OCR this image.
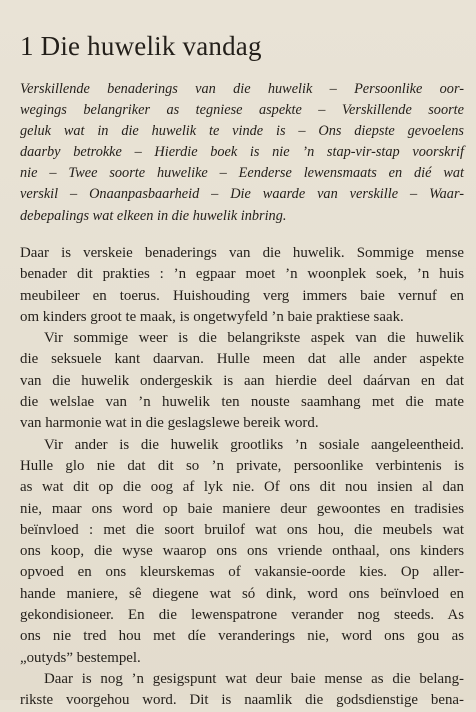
1 Die huwelik vandag
Verskillende benaderings van die huwelik – Persoonlike oor-
wegings belangriker as tegniese aspekte – Verskillende soorte
geluk wat in die huwelik te vinde is – Ons diepste gevoelens
daarby betrokke – Hierdie boek is nie ’n stap-vir-stap voorskrif
nie – Twee soorte huwelike – Eenderse lewensmaats en dié wat
verskil – Onaanpasbaarheid – Die waarde van verskille – Waar-
debepalings wat elkeen in die huwelik inbring.
Daar is verskeie benaderings van die huwelik. Sommige mense
benader dit prakties : ’n egpaar moet ’n woonplek soek, ’n huis
meubileer en toerus. Huishouding verg immers baie vernuf en
om kinders groot te maak, is ongetwyfeld ’n baie praktiese saak.
Vir sommige weer is die belangrikste aspek van die huwelik
die seksuele kant daarvan. Hulle meen dat alle ander aspekte
van die huwelik ondergeskik is aan hierdie deel daárvan en dat
die welslae van ’n huwelik ten nouste saamhang met die mate
van harmonie wat in die geslagslewe bereik word.
Vir ander is die huwelik grootliks ’n sosiale aangeleentheid.
Hulle glo nie dat dit so ’n private, persoonlike verbintenis is
as wat dit op die oog af lyk nie. Of ons dit nou insien al dan
nie, maar ons word op baie maniere deur gewoontes en tradisies
beïnvloed : met die soort bruilof wat ons hou, die meubels wat
ons koop, die wyse waarop ons ons vriende onthaal, ons kinders
opvoed en ons kleurskemas of vakansie-oorde kies. Op aller-
hande maniere, sê diegene wat só dink, word ons beïnvloed en
gekondisioneer. En die lewenspatrone verander nog steeds. As
ons nie tred hou met díe veranderings nie, word ons gou as
„outyds” bestempel.
Daar is nog ’n gesigspunt wat deur baie mense as die belang-
rikste voorgehou word. Dit is naamlik die godsdienstige bena-
